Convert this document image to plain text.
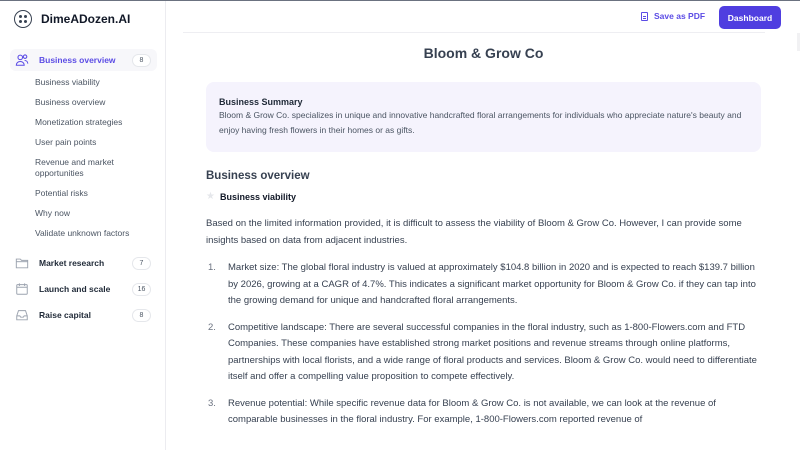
DimeADozen.AI
Business overview	8
Business viability
Business overview
Monetization strategies
User pain points
Revenue and market opportunities
Potential risks
Why now
Validate unknown factors
Market research	7
Launch and scale	16
Raise capital	8
Save as PDF	Dashboard
Bloom & Grow Co
Business Summary
Bloom & Grow Co. specializes in unique and innovative handcrafted floral arrangements for individuals who appreciate nature's beauty and enjoy having fresh flowers in their homes or as gifts.
Business overview
★ Business viability

Based on the limited information provided, it is difficult to assess the viability of Bloom & Grow Co. However, I can provide some insights based on data from adjacent industries.

1.	Market size: The global floral industry is valued at approximately $104.8 billion in 2020 and is expected to reach $139.7 billion by 2026, growing at a CAGR of 4.7%. This indicates a significant market opportunity for Bloom & Grow Co. if they can tap into the growing demand for unique and handcrafted floral arrangements.
2.	Competitive landscape: There are several successful companies in the floral industry, such as 1-800-Flowers.com and FTD Companies. These companies have established strong market positions and revenue streams through online platforms, partnerships with local florists, and a wide range of floral products and services. Bloom & Grow Co. would need to differentiate itself and offer a compelling value proposition to compete effectively.
3.	Revenue potential: While specific revenue data for Bloom & Grow Co. is not available, we can look at the revenue of comparable businesses in the floral industry. For example, 1-800-Flowers.com reported revenue of
